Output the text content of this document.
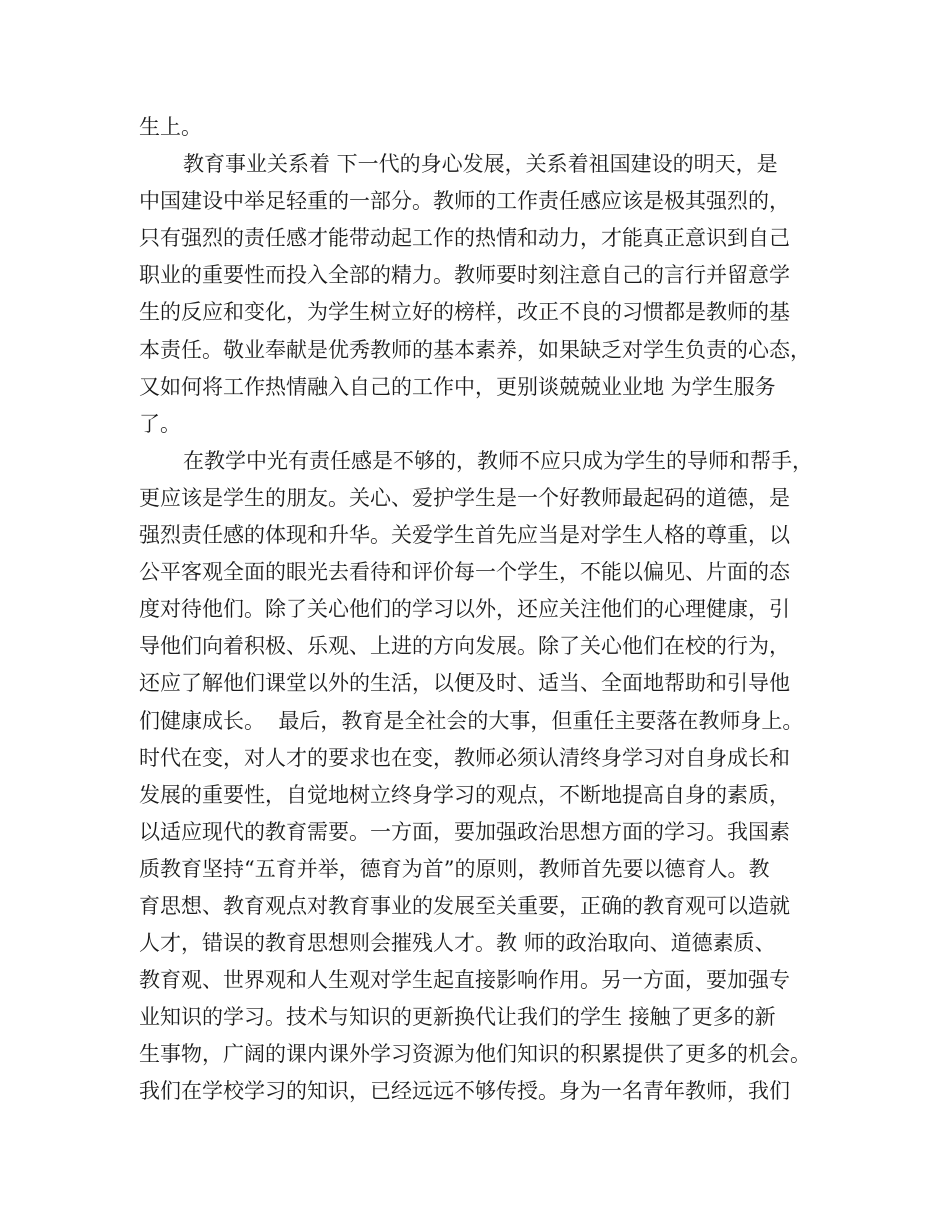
生上。
教育事业关系着 下一代的身心发展，关系着祖国建设的明天，是
中国建设中举足轻重的一部分。教师的工作责任感应该是极其强烈的，
只有强烈的责任感才能带动起工作的热情和动力，才能真正意识到自己
职业的重要性而投入全部的精力。教师要时刻注意自己的言行并留意学
生的反应和变化，为学生树立好的榜样，改正不良的习惯都是教师的基
本责任。敬业奉献是优秀教师的基本素养，如果缺乏对学生负责的心态，
又如何将工作热情融入自己的工作中，更别谈兢兢业业地 为学生服务
了。
在教学中光有责任感是不够的，教师不应只成为学生的导师和帮手，
更应该是学生的朋友。关心、爱护学生是一个好教师最起码的道德，是
强烈责任感的体现和升华。关爱学生首先应当是对学生人格的尊重，以
公平客观全面的眼光去看待和评价每一个学生，不能以偏见、片面的态
度对待他们。除了关心他们的学习以外，还应关注他们的心理健康，引
导他们向着积极、乐观、上进的方向发展。除了关心他们在校的行为，
还应了解他们课堂以外的生活，以便及时、适当、全面地帮助和引导他
们健康成长。  最后，教育是全社会的大事，但重任主要落在教师身上。
时代在变，对人才的要求也在变，教师必须认清终身学习对自身成长和
发展的重要性，自觉地树立终身学习的观点，不断地提高自身的素质，
以适应现代的教育需要。一方面，要加强政治思想方面的学习。我国素
质教育坚持“五育并举，德育为首”的原则，教师首先要以德育人。教
育思想、教育观点对教育事业的发展至关重要，正确的教育观可以造就
人才，错误的教育思想则会摧残人才。教 师的政治取向、道德素质、
教育观、世界观和人生观对学生起直接影响作用。另一方面，要加强专
业知识的学习。技术与知识的更新换代让我们的学生 接触了更多的新
生事物，广阔的课内课外学习资源为他们知识的积累提供了更多的机会。
我们在学校学习的知识，已经远远不够传授。身为一名青年教师，我们
